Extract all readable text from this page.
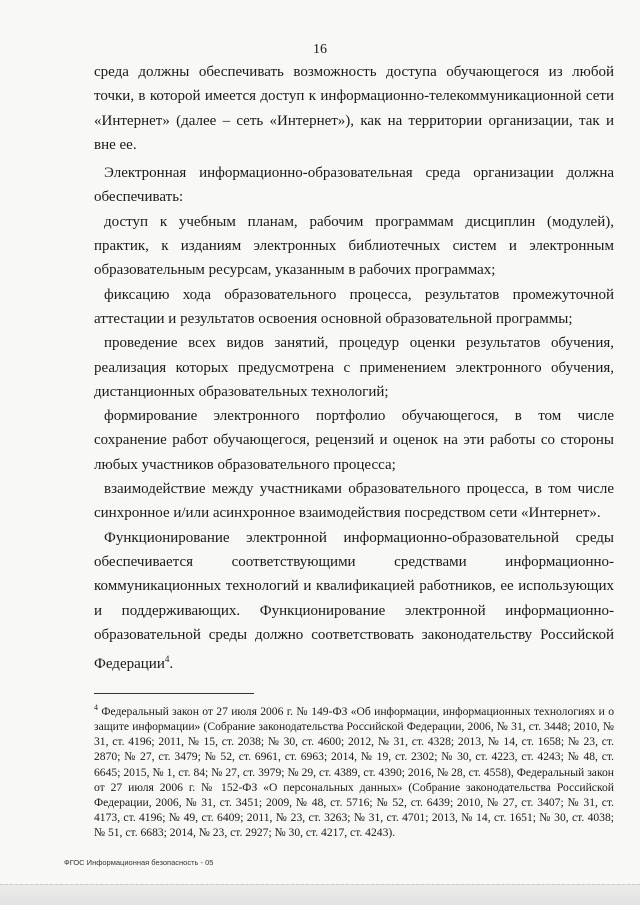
16

среда должны обеспечивать возможность доступа обучающегося из любой точки, в которой имеется доступ к информационно-телекоммуникационной сети «Интернет» (далее – сеть «Интернет»), как на территории организации, так и вне ее.

Электронная информационно-образовательная среда организации должна обеспечивать:

доступ к учебным планам, рабочим программам дисциплин (модулей), практик, к изданиям электронных библиотечных систем и электронным образовательным ресурсам, указанным в рабочих программах;

фиксацию хода образовательного процесса, результатов промежуточной аттестации и результатов освоения основной образовательной программы;

проведение всех видов занятий, процедур оценки результатов обучения, реализация которых предусмотрена с применением электронного обучения, дистанционных образовательных технологий;

формирование электронного портфолио обучающегося, в том числе сохранение работ обучающегося, рецензий и оценок на эти работы со стороны любых участников образовательного процесса;

взаимодействие между участниками образовательного процесса, в том числе синхронное и/или асинхронное взаимодействия посредством сети «Интернет».

Функционирование электронной информационно-образовательной среды обеспечивается соответствующими средствами информационно-коммуникационных технологий и квалификацией работников, ее использующих и поддерживающих. Функционирование электронной информационно-образовательной среды должно соответствовать законодательству Российской Федерации$^4$.

$^4$ Федеральный закон от 27 июля 2006 г. № 149-ФЗ «Об информации, информационных технологиях и о защите информации» (Собрание законодательства Российской Федерации, 2006, № 31, ст. 3448; 2010, № 31, ст. 4196; 2011, № 15, ст. 2038; № 30, ст. 4600; 2012, № 31, ст. 4328; 2013, № 14, ст. 1658; № 23, ст. 2870; № 27, ст. 3479; № 52, ст. 6961, ст. 6963; 2014, № 19, ст. 2302; № 30, ст. 4223, ст. 4243; № 48, ст. 6645; 2015, № 1, ст. 84; № 27, ст. 3979; № 29, ст. 4389, ст. 4390; 2016, № 28, ст. 4558), Федеральный закон от 27 июля 2006 г. № 152-ФЗ «О персональных данных» (Собрание законодательства Российской Федерации, 2006, № 31, ст. 3451; 2009, № 48, ст. 5716; № 52, ст. 6439; 2010, № 27, ст. 3407; № 31, ст. 4173, ст. 4196; № 49, ст. 6409; 2011, № 23, ст. 3263; № 31, ст. 4701; 2013, № 14, ст. 1651; № 30, ст. 4038; № 51, ст. 6683; 2014, № 23, ст. 2927; № 30, ст. 4217, ст. 4243).
ФГОС Информационная безопасность - 05
